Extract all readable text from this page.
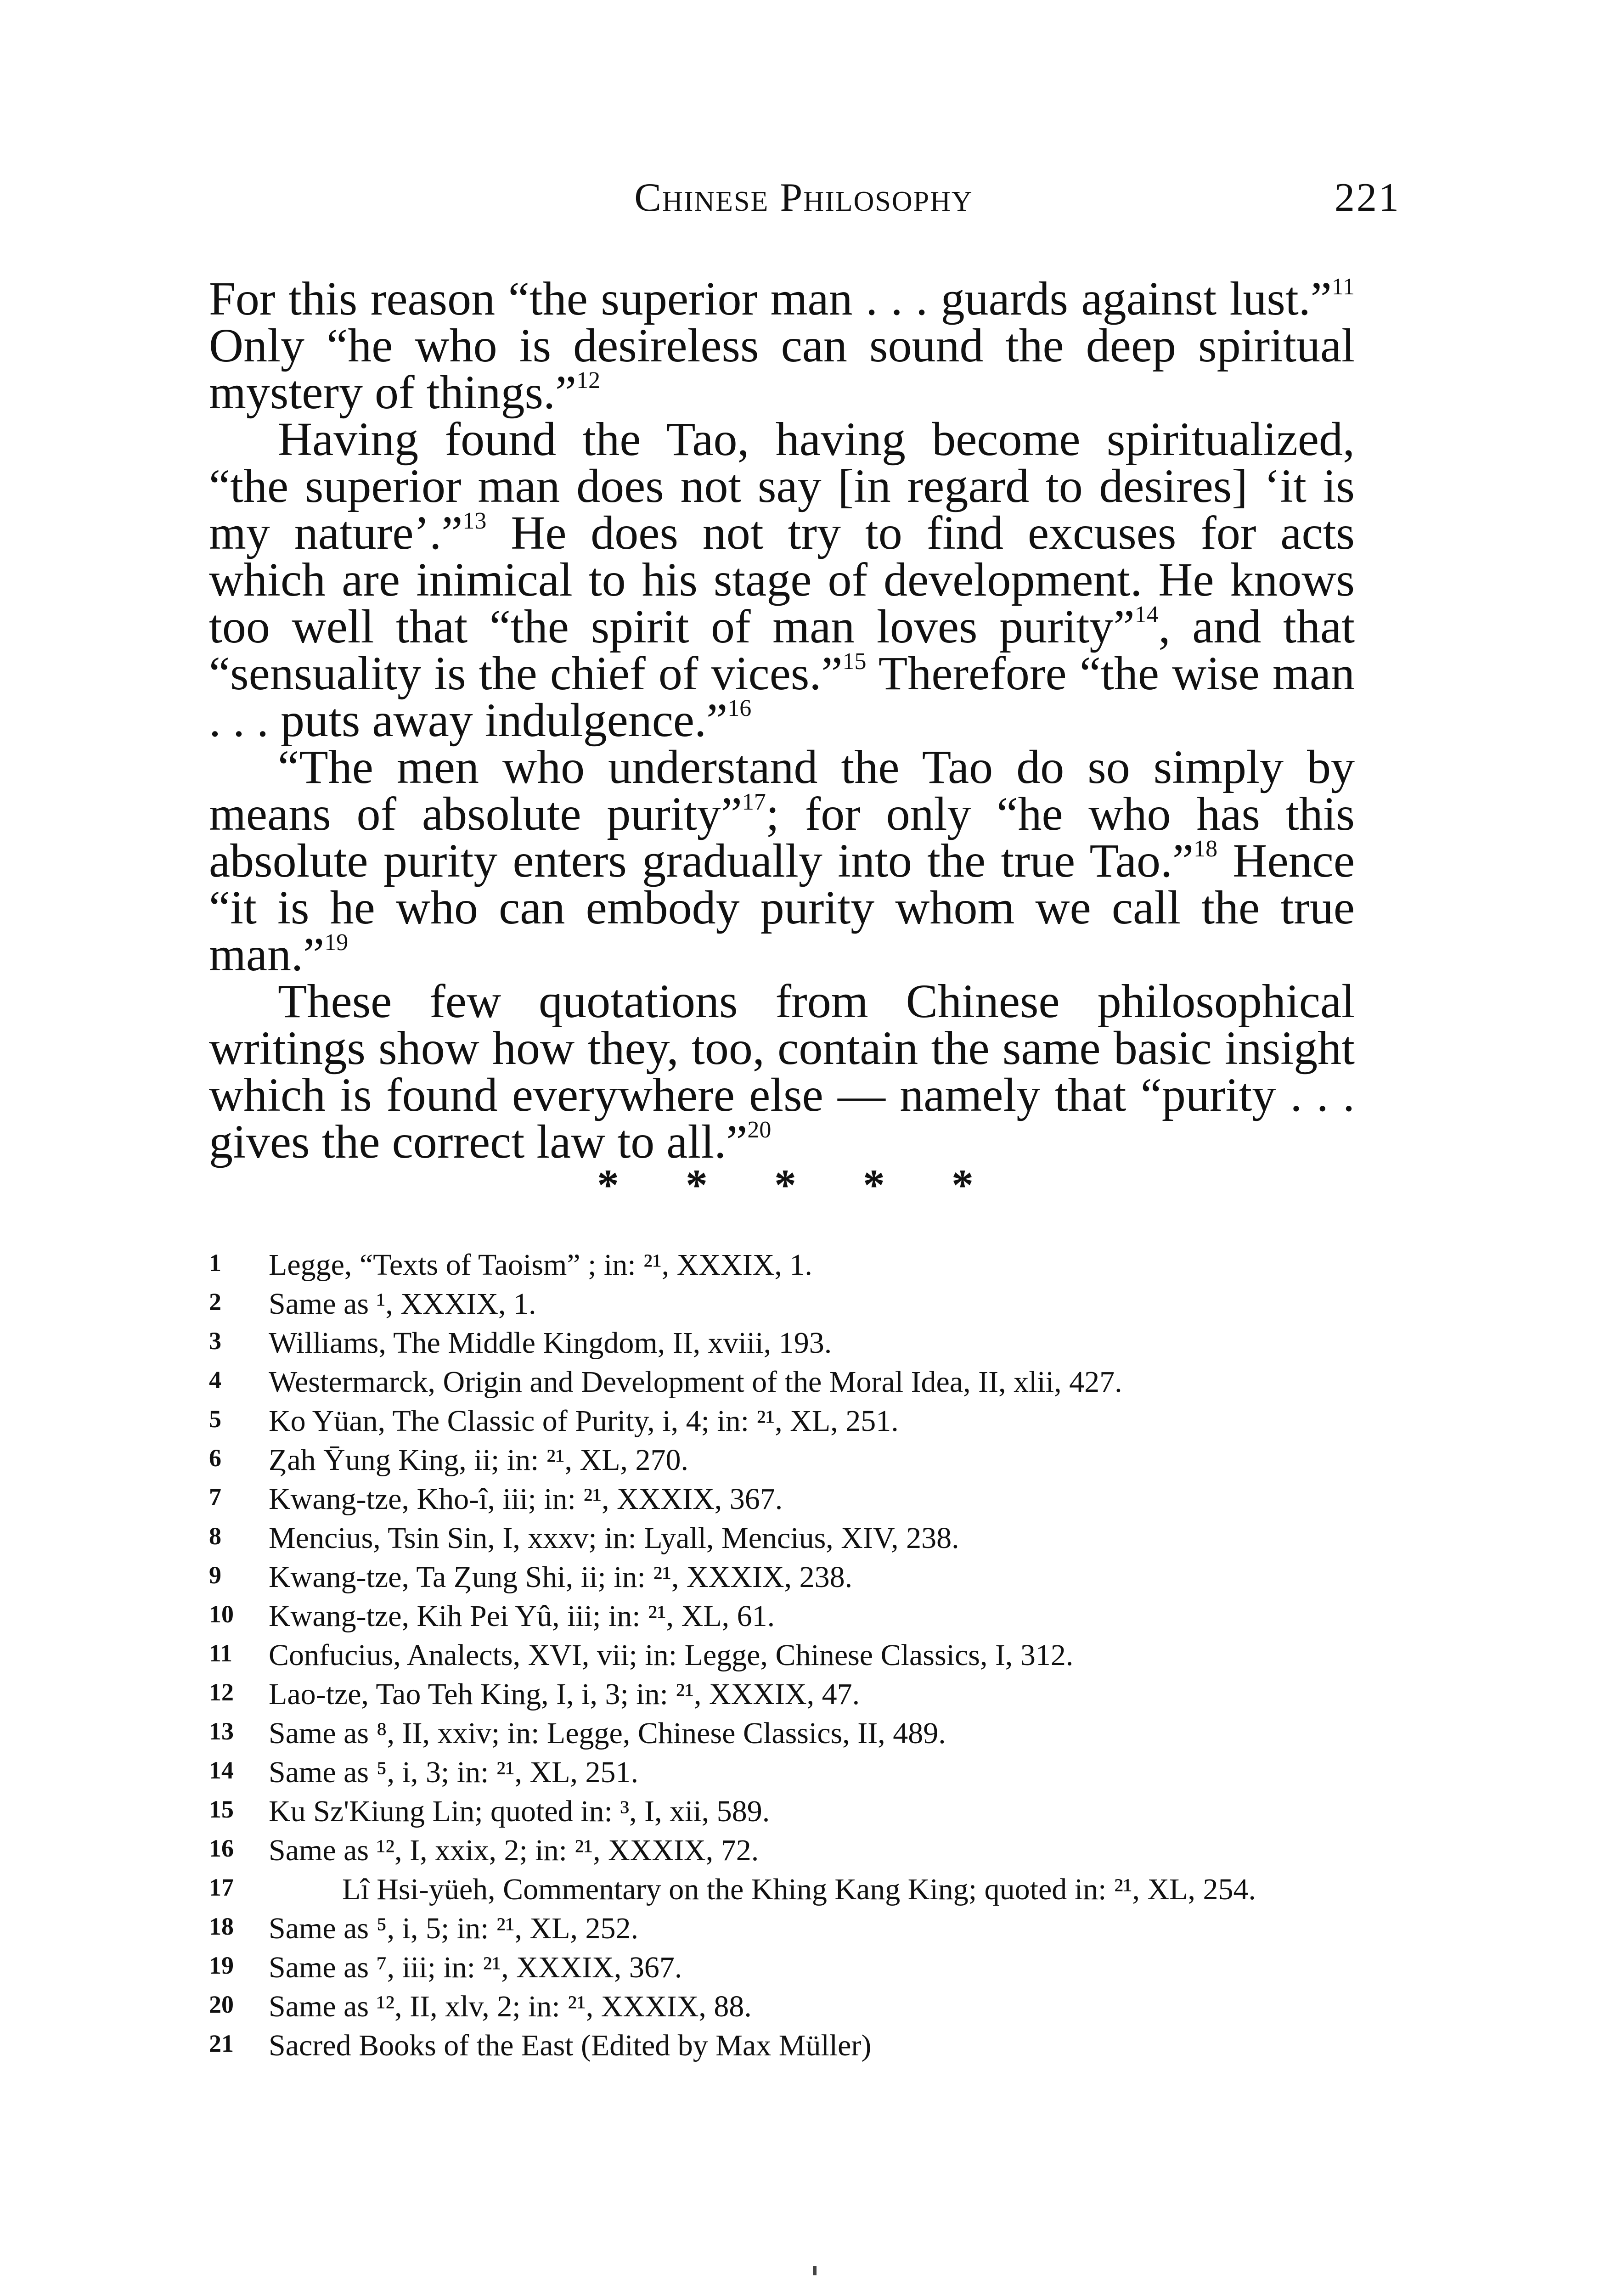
Chinese Philosophy	221

For this reason “the superior man . . . guards against lust.”$^{11}$ Only “he who is desireless can sound the deep spiritual mystery of things.”$^{12}$

Having found the Tao, having become spiritualized, “the superior man does not say [in regard to desires] ‘it is my nature’.”$^{13}$ He does not try to find excuses for acts which are inimical to his stage of development. He knows too well that “the spirit of man loves purity”$^{14}$, and that “sensuality is the chief of vices.”$^{15}$ Therefore “the wise man . . . puts away indulgence.”$^{16}$

“The men who understand the Tao do so simply by means of absolute purity”$^{17}$; for only “he who has this absolute purity enters gradually into the true Tao.”$^{18}$ Hence “it is he who can embody purity whom we call the true man.”$^{19}$

These few quotations from Chinese philosophical writings show how they, too, contain the same basic insight which is found everywhere else — namely that “purity . . . gives the correct law to all.”$^{20}$

* * * * *
1 Legge, “Texts of Taoism” ; in: ²¹, XXXIX, 1.
2 Same as ¹, XXXIX, 1.
3 Williams, The Middle Kingdom, II, xviii, 193.
4 Westermarck, Origin and Development of the Moral Idea, II, xlii, 427.
5 Ko Yüan, The Classic of Purity, i, 4; in: ²¹, XL, 251.
6 Ȥah Ȳung King, ii; in: ²¹, XL, 270.
7 Kwang-tze, Kho-î, iii; in: ²¹, XXXIX, 367.
8 Mencius, Tsin Sin, I, xxxv; in: Lyall, Mencius, XIV, 238.
9 Kwang-tze, Ta Ȥung Shi, ii; in: ²¹, XXXIX, 238.
10 Kwang-tze, Kih Pei Yû, iii; in: ²¹, XL, 61.
11 Confucius, Analects, XVI, vii; in: Legge, Chinese Classics, I, 312.
12 Lao-tze, Tao Teh King, I, i, 3; in: ²¹, XXXIX, 47.
13 Same as ⁸, II, xxiv; in: Legge, Chinese Classics, II, 489.
14 Same as ⁵, i, 3; in: ²¹, XL, 251.
15 Ku Sz'Kiung Lin; quoted in: ³, I, xii, 589.
16 Same as ¹², I, xxix, 2; in: ²¹, XXXIX, 72.
17	Lî Hsi-yüeh, Commentary on the Khing Kang King; quoted in: ²¹, XL, 254.
18 Same as ⁵, i, 5; in: ²¹, XL, 252.
19 Same as ⁷, iii; in: ²¹, XXXIX, 367.
20 Same as ¹², II, xlv, 2; in: ²¹, XXXIX, 88.
21 Sacred Books of the East (Edited by Max Müller)
